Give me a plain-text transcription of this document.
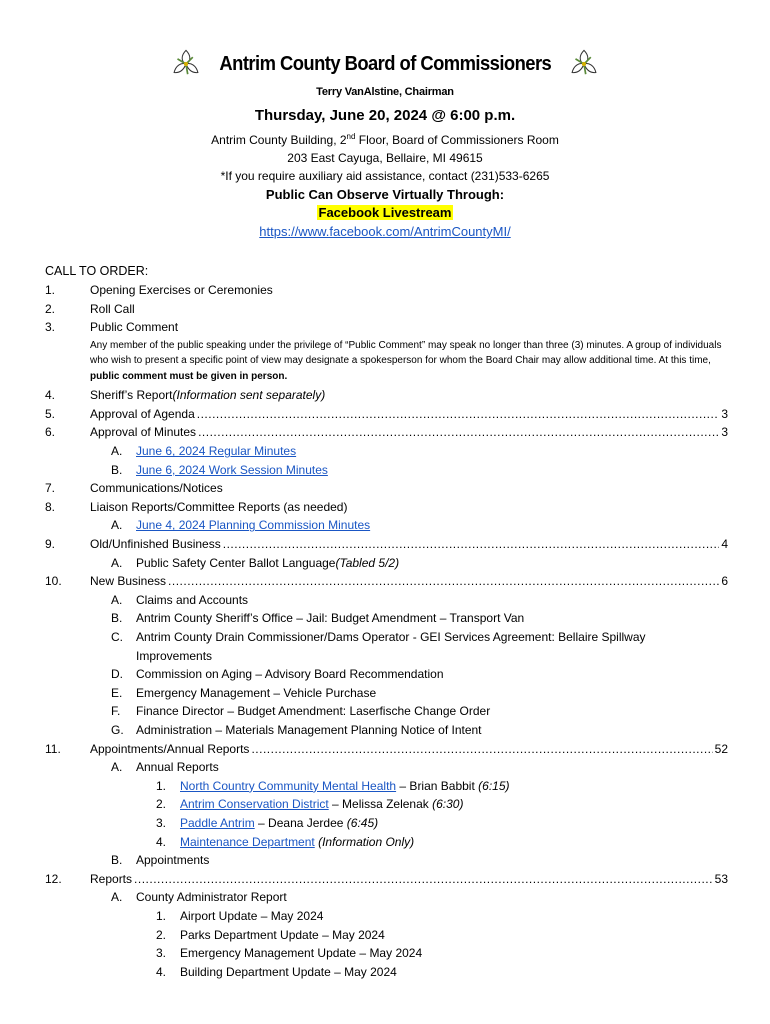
Antrim County Board of Commissioners
Terry VanAlstine, Chairman
Thursday, June 20, 2024 @ 6:00 p.m.
Antrim County Building, 2nd Floor, Board of Commissioners Room
203 East Cayuga, Bellaire, MI 49615
*If you require auxiliary aid assistance, contact (231)533-6265
Public Can Observe Virtually Through:
Facebook Livestream
https://www.facebook.com/AntrimCountyMI/
CALL TO ORDER:
1.	Opening Exercises or Ceremonies
2.	Roll Call
3.	Public Comment
Any member of the public speaking under the privilege of “Public Comment” may speak no longer than three (3) minutes. A group of individuals who wish to present a specific point of view may designate a spokesperson for whom the Board Chair may allow additional time. At this time, public comment must be given in person.
4.	Sheriff’s Report (Information sent separately)
5.	Approval of Agenda .....	3
6.	Approval of Minutes .....	3
A.	June 6, 2024 Regular Minutes
B.	June 6, 2024 Work Session Minutes
7.	Communications/Notices
8.	Liaison Reports/Committee Reports (as needed)
A.	June 4, 2024 Planning Commission Minutes
9.	Old/Unfinished Business .....	4
A.	Public Safety Center Ballot Language (Tabled 5/2)
10.	New Business .....	6
A.	Claims and Accounts
B.	Antrim County Sheriff’s Office – Jail: Budget Amendment – Transport Van
C.	Antrim County Drain Commissioner/Dams Operator - GEI Services Agreement: Bellaire Spillway
Improvements
D.	Commission on Aging – Advisory Board Recommendation
E.	Emergency Management – Vehicle Purchase
F.	Finance Director – Budget Amendment: Laserfische Change Order
G.	Administration – Materials Management Planning Notice of Intent
11.	Appointments/Annual Reports .....	52
A.	Annual Reports
1.	North Country Community Mental Health – Brian Babbit (6:15)
2.	Antrim Conservation District – Melissa Zelenak (6:30)
3.	Paddle Antrim – Deana Jerdee (6:45)
4.	Maintenance Department
(Information Only)
B.	Appointments
12.	Reports .....	53
A.	County Administrator Report
1.	Airport Update – May 2024
2.	Parks Department Update – May 2024
3.	Emergency Management Update – May 2024
4.	Building Department Update – May 2024
